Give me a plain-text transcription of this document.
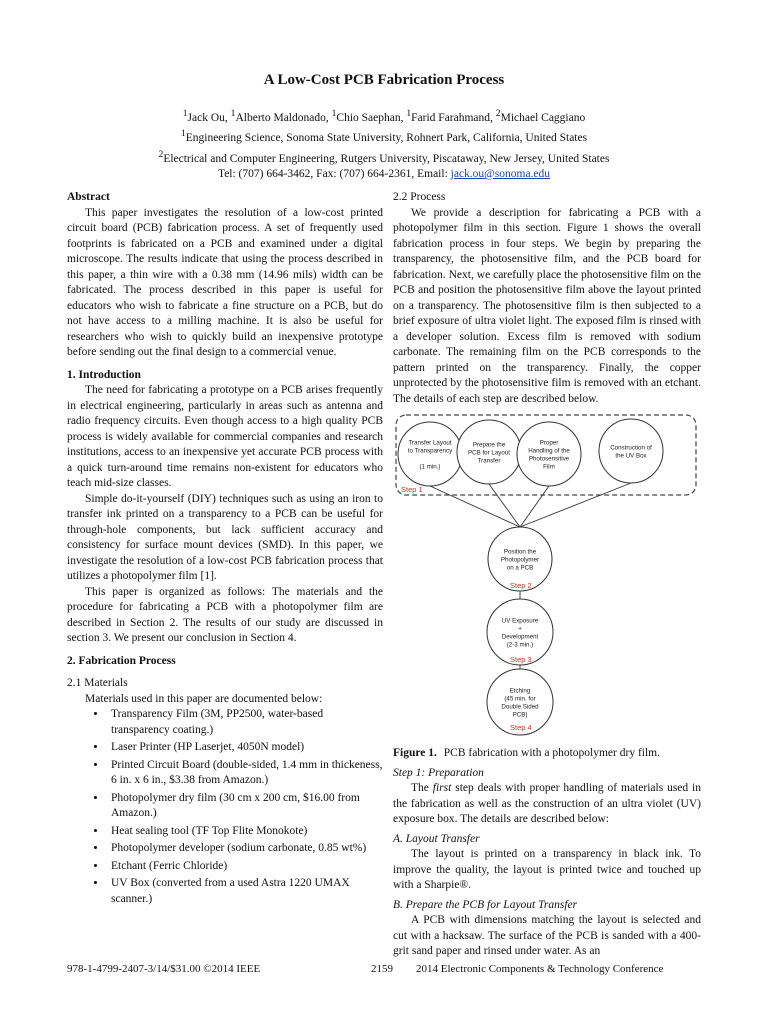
A Low-Cost PCB Fabrication Process
$^1$Jack Ou, $^1$Alberto Maldonado, $^1$Chio Saephan, $^1$Farid Farahmand, $^2$Michael Caggiano
$^1$Engineering Science, Sonoma State University, Rohnert Park, California, United States
$^2$Electrical and Computer Engineering, Rutgers University, Piscataway, New Jersey, United States
Tel: (707) 664-3462, Fax: (707) 664-2361, Email: jack.ou@sonoma.edu

Abstract

This paper investigates the resolution of a low-cost printed circuit board (PCB) fabrication process. A set of frequently used footprints is fabricated on a PCB and examined under a digital microscope. The results indicate that using the process described in this paper, a thin wire with a 0.38 mm (14.96 mils) width can be fabricated. The process described in this paper is useful for educators who wish to fabricate a fine structure on a PCB, but do not have access to a milling machine. It is also be useful for researchers who wish to quickly build an inexpensive prototype before sending out the final design to a commercial venue.

1. Introduction

The need for fabricating a prototype on a PCB arises frequently in electrical engineering, particularly in areas such as antenna and radio frequency circuits. Even though access to a high quality PCB process is widely available for commercial companies and research institutions, access to an inexpensive yet accurate PCB process with a quick turn-around time remains non-existent for educators who teach mid-size classes.

Simple do-it-yourself (DIY) techniques such as using an iron to transfer ink printed on a transparency to a PCB can be useful for through-hole components, but lack sufficient accuracy and consistency for surface mount devices (SMD). In this paper, we investigate the resolution of a low-cost PCB fabrication process that utilizes a photopolymer film [1].

This paper is organized as follows: The materials and the procedure for fabricating a PCB with a photopolymer film are described in Section 2. The results of our study are discussed in section 3. We present our conclusion in Section 4.

2. Fabrication Process

2.1 Materials

Materials used in this paper are documented below:

• Transparency Film (3M, PP2500, water-based transparency coating.)
• Laser Printer (HP Laserjet, 4050N model)
• Printed Circuit Board (double-sided, 1.4 mm in thickeness, 6 in. x 6 in., $3.38 from Amazon.)
• Photopolymer dry film (30 cm x 200 cm, $16.00 from Amazon.)
• Heat sealing tool (TF Top Flite Monokote)
• Photopolymer developer (sodium carbonate, 0.85 wt%)
• Etchant (Ferric Chloride)
• UV Box (converted from a used Astra 1220 UMAX scanner.)

2.2 Process

We provide a description for fabricating a PCB with a photopolymer film in this section. Figure 1 shows the overall fabrication process in four steps. We begin by preparing the transparency, the photosensitive film, and the PCB board for fabrication. Next, we carefully place the photosensitive film on the PCB and position the photosensitive film above the layout printed on a transparency. The photosensitive film is then subjected to a brief exposure of ultra violet light. The exposed film is rinsed with a developer solution. Excess film is removed with sodium carbonate. The remaining film on the PCB corresponds to the pattern printed on the transparency. Finally, the copper unprotected by the photosensitive film is removed with an etchant. The details of each step are described below.

Transfer Layout
to Transparency
(1 min.)
Prepare the
PCB for Layout
Transfer
Proper
Handling of the
Photosensitive
Film
Construction of
the UV Box
Position the
Photopolymer
on a PCB
UV Exposure
+
Development
(2-3 min.)
Etching
(45 min. for
Double Sided
PCB)
Step 1
Step 2
Step 3
Step 4

Figure 1. PCB fabrication with a photopolymer dry film.

Step 1: Preparation

The first step deals with proper handling of materials used in the fabrication as well as the construction of an ultra violet (UV) exposure box. The details are described below:

A. Layout Transfer

The layout is printed on a transparency in black ink. To improve the quality, the layout is printed twice and touched up with a Sharpie®.

B. Prepare the PCB for Layout Transfer

A PCB with dimensions matching the layout is selected and cut with a hacksaw. The surface of the PCB is sanded with a 400-grit sand paper and rinsed under water. As an

978-1-4799-2407-3/14/$31.00 ©2014 IEEE	2159 2014 Electronic Components & Technology Conference
